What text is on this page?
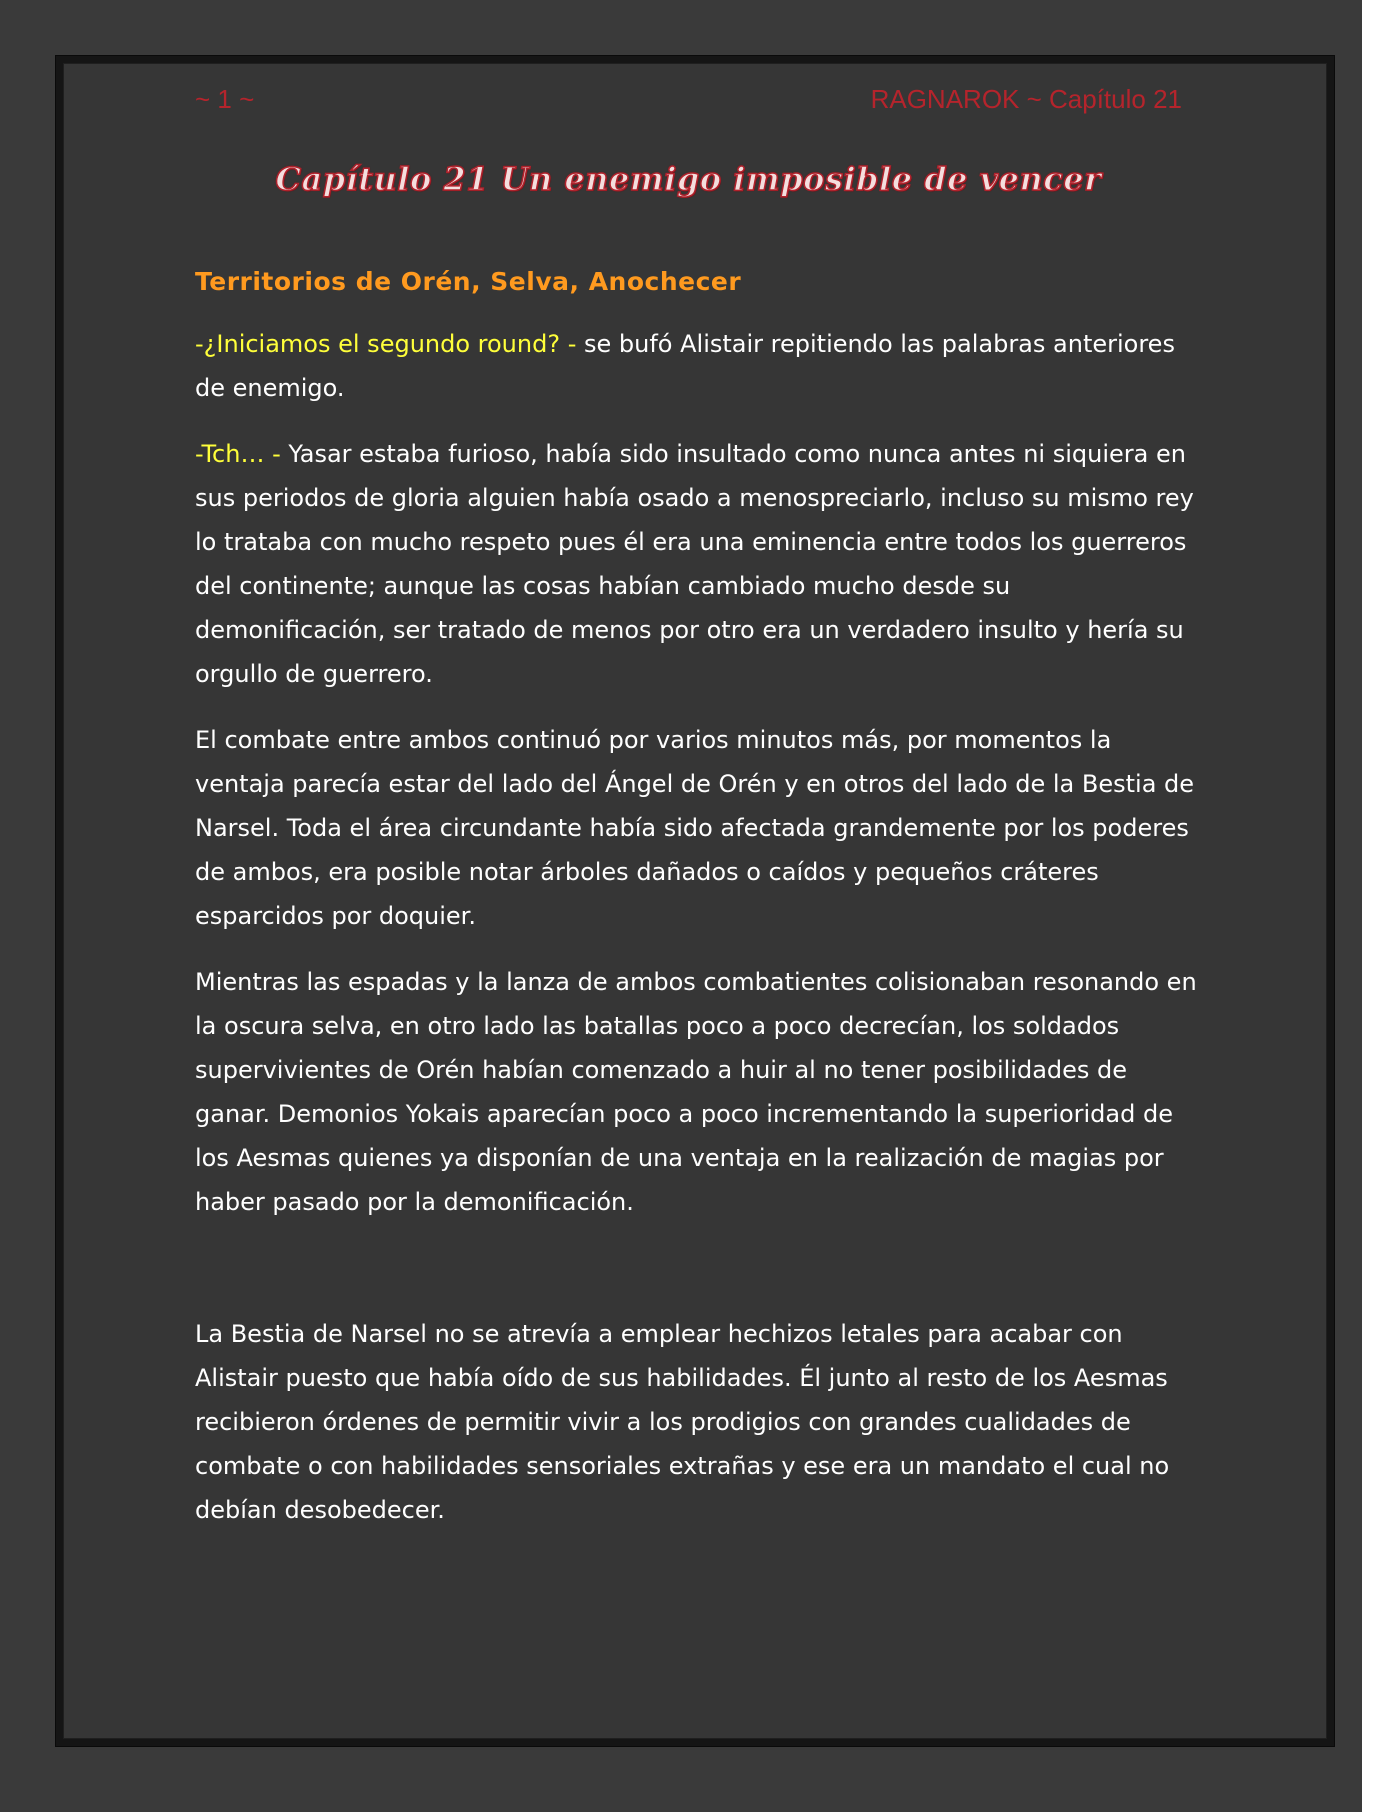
~ 1 ~	RAGNAROK ~ Capítulo 21
Capítulo 21 Un enemigo imposible de vencer

Territorios de Orén, Selva, Anochecer

-¿Iniciamos el segundo round? - se bufó Alistair repitiendo las palabras anteriores de enemigo.

-Tch… - Yasar estaba furioso, había sido insultado como nunca antes ni siquiera en sus periodos de gloria alguien había osado a menospreciarlo, incluso su mismo rey lo trataba con mucho respeto pues él era una eminencia entre todos los guerreros del continente; aunque las cosas habían cambiado mucho desde su demonificación, ser tratado de menos por otro era un verdadero insulto y hería su orgullo de guerrero.

El combate entre ambos continuó por varios minutos más, por momentos la ventaja parecía estar del lado del Ángel de Orén y en otros del lado de la Bestia de Narsel. Toda el área circundante había sido afectada grandemente por los poderes de ambos, era posible notar árboles dañados o caídos y pequeños cráteres esparcidos por doquier.

Mientras las espadas y la lanza de ambos combatientes colisionaban resonando en la oscura selva, en otro lado las batallas poco a poco decrecían, los soldados supervivientes de Orén habían comenzado a huir al no tener posibilidades de ganar. Demonios Yokais aparecían poco a poco incrementando la superioridad de los Aesmas quienes ya disponían de una ventaja en la realización de magias por haber pasado por la demonificación.

La Bestia de Narsel no se atrevía a emplear hechizos letales para acabar con Alistair puesto que había oído de sus habilidades. Él junto al resto de los Aesmas recibieron órdenes de permitir vivir a los prodigios con grandes cualidades de combate o con habilidades sensoriales extrañas y ese era un mandato el cual no debían desobedecer.
